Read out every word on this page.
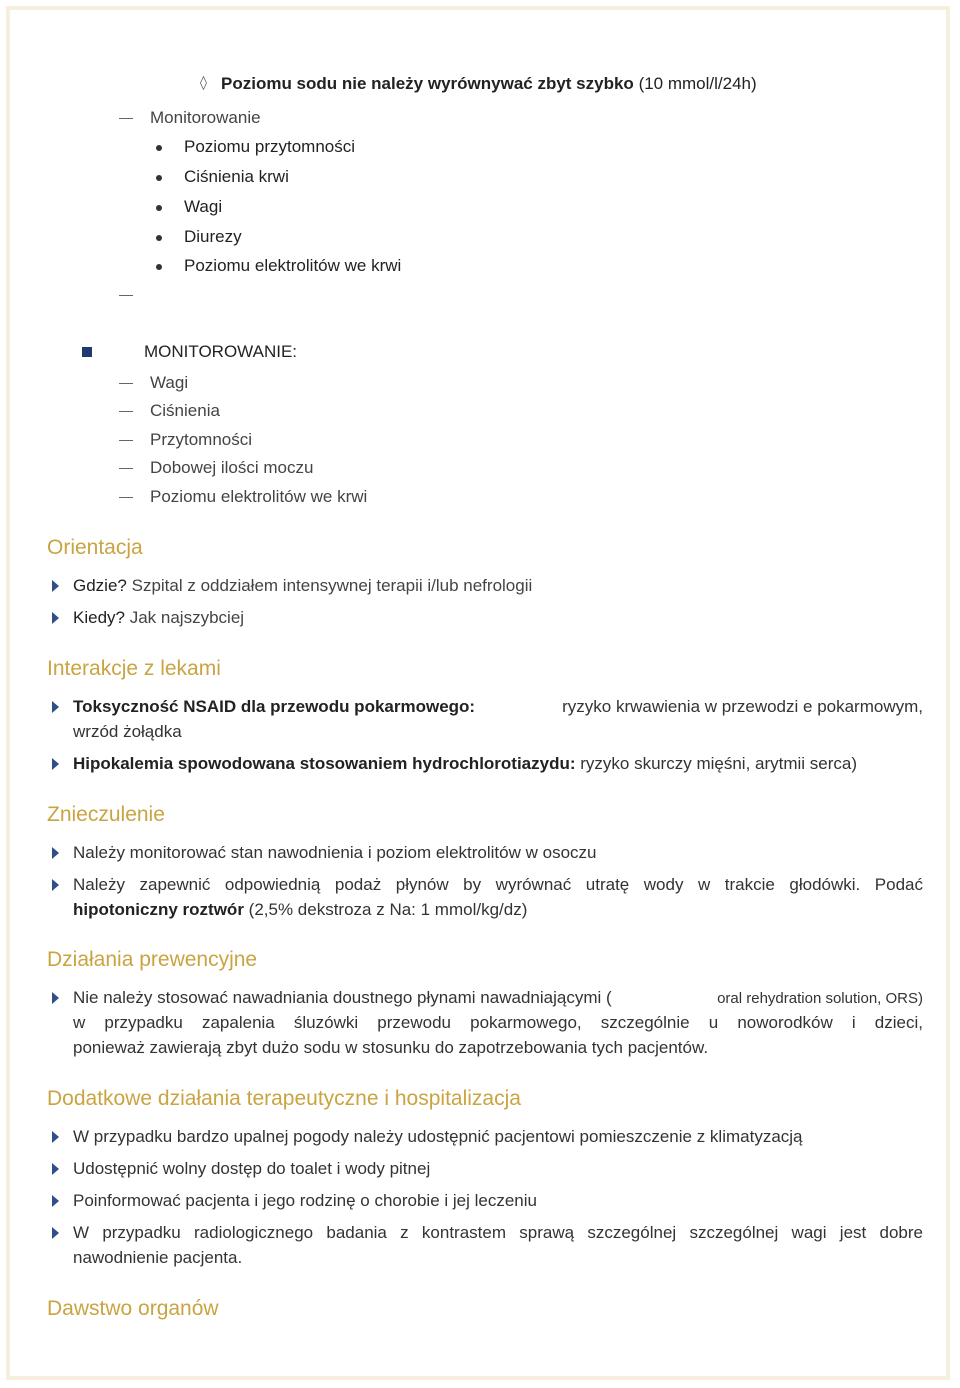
◊ Poziomu sodu nie należy wyrównywać zbyt szybko (10 mmol/l/24h)
Monitorowanie
Poziomu przytomności
Ciśnienia krwi
Wagi
Diurezy
Poziomu elektrolitów we krwi
MONITOROWANIE:
Wagi
Ciśnienia
Przytomności
Dobowej ilości moczu
Poziomu elektrolitów we krwi
Orientacja
Gdzie? Szpital z oddziałem intensywnej terapii i/lub nefrologii
Kiedy? Jak najszybciej
Interakcje z lekami
Toksyczność NSAID dla przewodu pokarmowego:	ryzyko krwawienia w przewodzi e pokarmowym,
wrzód żołądka
Hipokalemia spowodowana stosowaniem hydrochlorotiazydu: ryzyko skurczy mięśni, arytmii serca)
Znieczulenie
Należy monitorować stan nawodnienia i poziom elektrolitów w osoczu
Należy zapewnić odpowiednią podaż płynów by wyrównać utratę wody w trakcie głodówki. Podać
hipotoniczny roztwór (2,5% dekstroza z Na: 1 mmol/kg/dz)
Działania prewencyjne
Nie należy stosować nawadniania doustnego płynami nawadniającymi (	oral rehydration solution, ORS)
w przypadku zapalenia śluzówki przewodu pokarmowego, szczególnie u noworodków i dzieci,
ponieważ zawierają zbyt dużo sodu w stosunku do zapotrzebowania tych pacjentów.
Dodatkowe działania terapeutyczne i hospitalizacja
W przypadku bardzo upalnej pogody należy udostępnić pacjentowi pomieszczenie z klimatyzacją
Udostępnić wolny dostęp do toalet i wody pitnej
Poinformować pacjenta i jego rodzinę o chorobie i jej leczeniu
W przypadku radiologicznego badania z kontrastem sprawą szczególnej szczególnej wagi jest dobre
nawodnienie pacjenta.
Dawstwo organów
